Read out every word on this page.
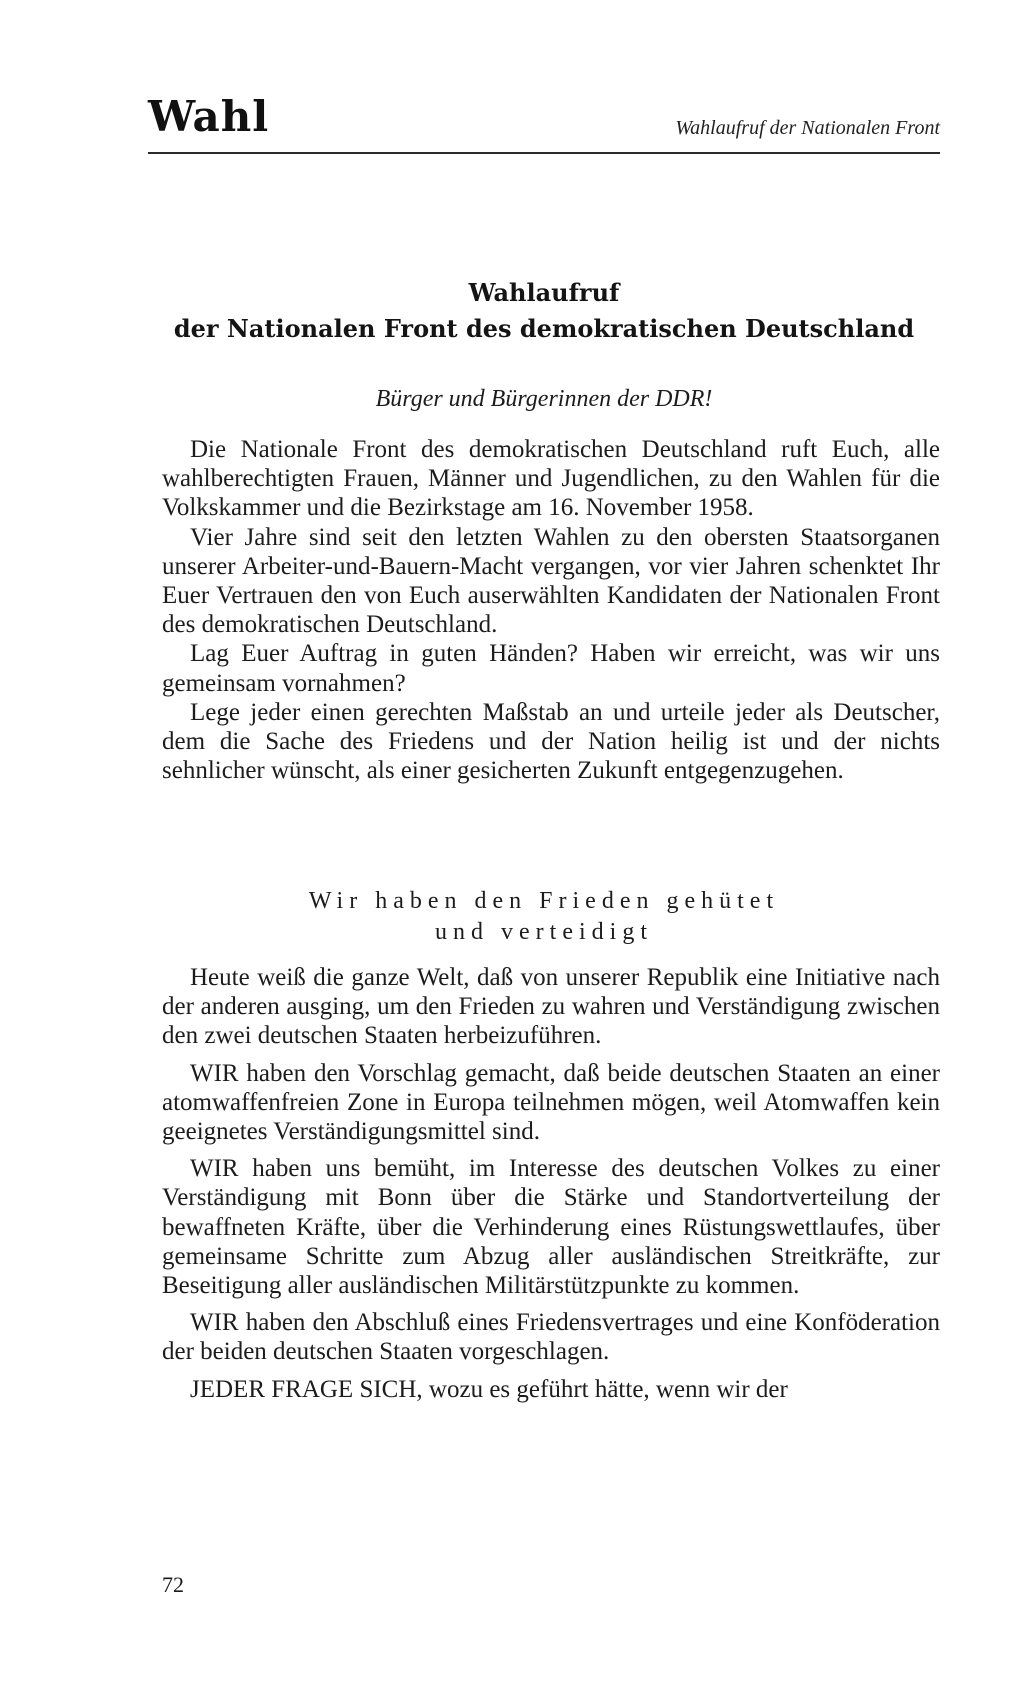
Wahl	Wahlaufruf der Nationalen Front
Wahlaufruf
der Nationalen Front des demokratischen Deutschland
Bürger und Bürgerinnen der DDR!

Die Nationale Front des demokratischen Deutschland ruft Euch, alle wahlberechtigten Frauen, Männer und Jugendlichen, zu den Wahlen für die Volkskammer und die Bezirkstage am 16. November 1958.

Vier Jahre sind seit den letzten Wahlen zu den obersten Staatsorganen unserer Arbeiter-und-Bauern-Macht vergangen, vor vier Jahren schenktet Ihr Euer Vertrauen den von Euch auserwählten Kandidaten der Nationalen Front des demokratischen Deutschland.

Lag Euer Auftrag in guten Händen? Haben wir erreicht, was wir uns gemeinsam vornahmen?

Lege jeder einen gerechten Maßstab an und urteile jeder als Deutscher, dem die Sache des Friedens und der Nation heilig ist und der nichts sehnlicher wünscht, als einer gesicherten Zukunft entgegenzugehen.

Wir haben den Frieden gehütet
und verteidigt

Heute weiß die ganze Welt, daß von unserer Republik eine Initiative nach der anderen ausging, um den Frieden zu wahren und Verständigung zwischen den zwei deutschen Staaten herbeizuführen.

WIR haben den Vorschlag gemacht, daß beide deutschen Staaten an einer atomwaffenfreien Zone in Europa teilnehmen mögen, weil Atomwaffen kein geeignetes Verständigungsmittel sind.

WIR haben uns bemüht, im Interesse des deutschen Volkes zu einer Verständigung mit Bonn über die Stärke und Standortverteilung der bewaffneten Kräfte, über die Verhinderung eines Rüstungswettlaufes, über gemeinsame Schritte zum Abzug aller ausländischen Streitkräfte, zur Beseitigung aller ausländischen Militärstützpunkte zu kommen.

WIR haben den Abschluß eines Friedensvertrages und eine Konföderation der beiden deutschen Staaten vorgeschlagen.

JEDER FRAGE SICH, wozu es geführt hätte, wenn wir der

72
